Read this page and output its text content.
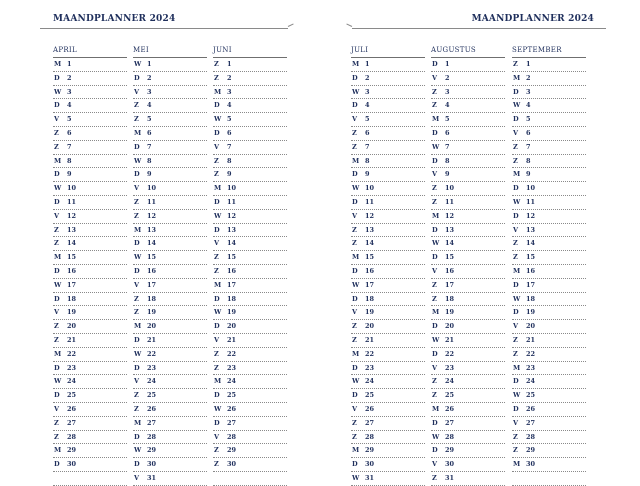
MAANDPLANNER 2024
APRIL
M 1
D 2
W 3
D 4
V 5
Z 6
Z 7
M 8
D 9
W 10
D 11
V 12
Z 13
Z 14
M 15
D 16
W 17
D 18
V 19
Z 20
Z 21
M 22
D 23
W 24
D 25
V 26
Z 27
Z 28
M 29
D 30
MEI
W 1
D 2
V 3
Z 4
Z 5
M 6
D 7
W 8
D 9
V 10
Z 11
Z 12
M 13
D 14
W 15
D 16
V 17
Z 18
Z 19
M 20
D 21
W 22
D 23
V 24
Z 25
Z 26
M 27
D 28
W 29
D 30
V 31
JUNI
Z 1
Z 2
M 3
D 4
W 5
D 6
V 7
Z 8
Z 9
M 10
D 11
W 12
D 13
V 14
Z 15
Z 16
M 17
D 18
W 19
D 20
V 21
Z 22
Z 23
M 24
D 25
W 26
D 27
V 28
Z 29
Z 30
MAANDPLANNER 2024
JULI
M 1
D 2
W 3
D 4
V 5
Z 6
Z 7
M 8
D 9
W 10
D 11
V 12
Z 13
Z 14
M 15
D 16
W 17
D 18
V 19
Z 20
Z 21
M 22
D 23
W 24
D 25
V 26
Z 27
Z 28
M 29
D 30
W 31
AUGUSTUS
D 1
V 2
Z 3
Z 4
M 5
D 6
W 7
D 8
V 9
Z 10
Z 11
M 12
D 13
W 14
D 15
V 16
Z 17
Z 18
M 19
D 20
W 21
D 22
V 23
Z 24
Z 25
M 26
D 27
W 28
D 29
V 30
Z 31
SEPTEMBER
Z 1
M 2
D 3
W 4
D 5
V 6
Z 7
Z 8
M 9
D 10
W 11
D 12
V 13
Z 14
Z 15
M 16
D 17
W 18
D 19
V 20
Z 21
Z 22
M 23
D 24
W 25
D 26
V 27
Z 28
Z 29
M 30
